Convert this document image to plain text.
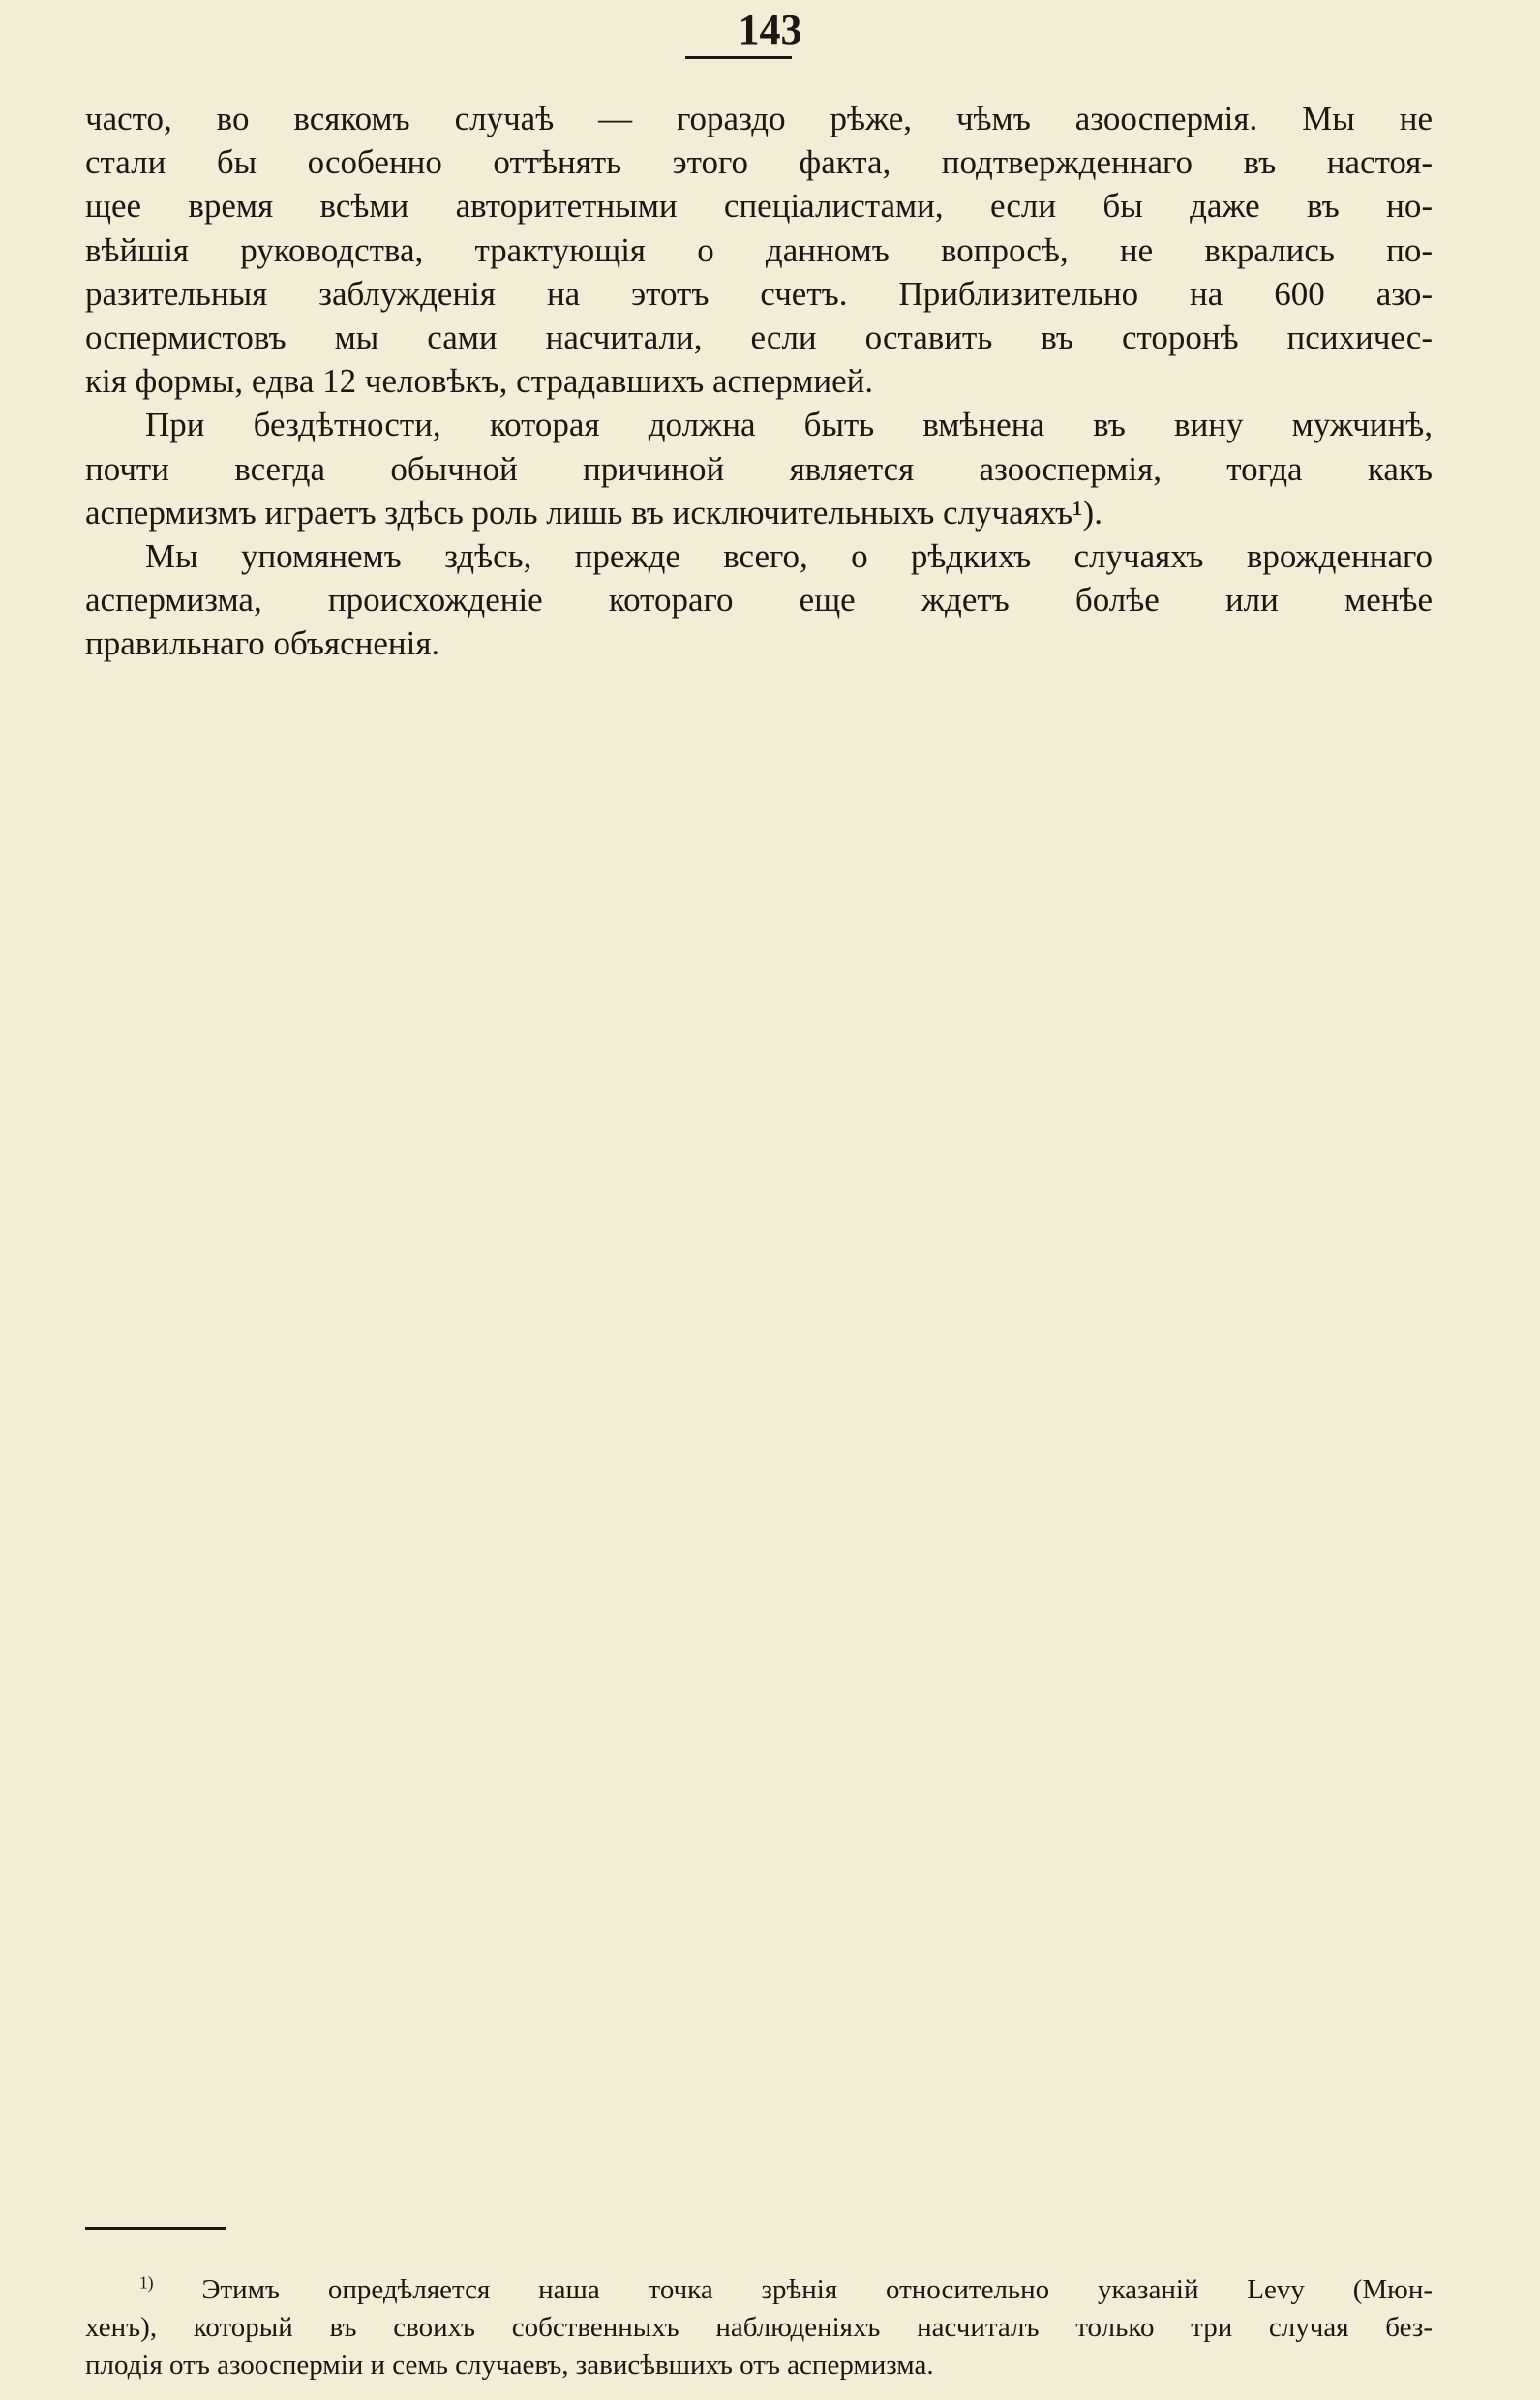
143

часто, во всякомъ случаѣ — гораздо рѣже, чѣмъ азооспермія. Мы не
стали бы особенно оттѣнять этого факта, подтвержденнаго въ настоя-
щее время всѣми авторитетными спеціалистами, если бы даже въ но-
вѣйшія руководства, трактующія о данномъ вопросѣ, не вкрались по-
разительныя заблужденія на этотъ счетъ. Приблизительно на 600 азо-
оспермистовъ мы сами насчитали, если оставить въ сторонѣ психичес-
кія формы, едва 12 человѣкъ, страдавшихъ аспермией.

При бездѣтности, которая должна быть вмѣнена въ вину мужчинѣ,
почти всегда обычной причиной является азооспермія, тогда какъ
аспермизмъ играетъ здѣсь роль лишь въ исключительныхъ случаяхъ¹).

Мы упомянемъ здѣсь, прежде всего, о рѣдкихъ случаяхъ врожденнаго
аспермизма, происхожденіе котораго еще ждетъ болѣе или менѣе
правильнаго объясненія.

$^{1)}$ Этимъ опредѣляется наша точка зрѣнія относительно указаній Levy (Мюн-
хенъ), который въ своихъ собственныхъ наблюденіяхъ насчиталъ только три случая без-
плодія отъ азооспермiи и семь случаевъ, зависѣвшихъ отъ аспермизма.
